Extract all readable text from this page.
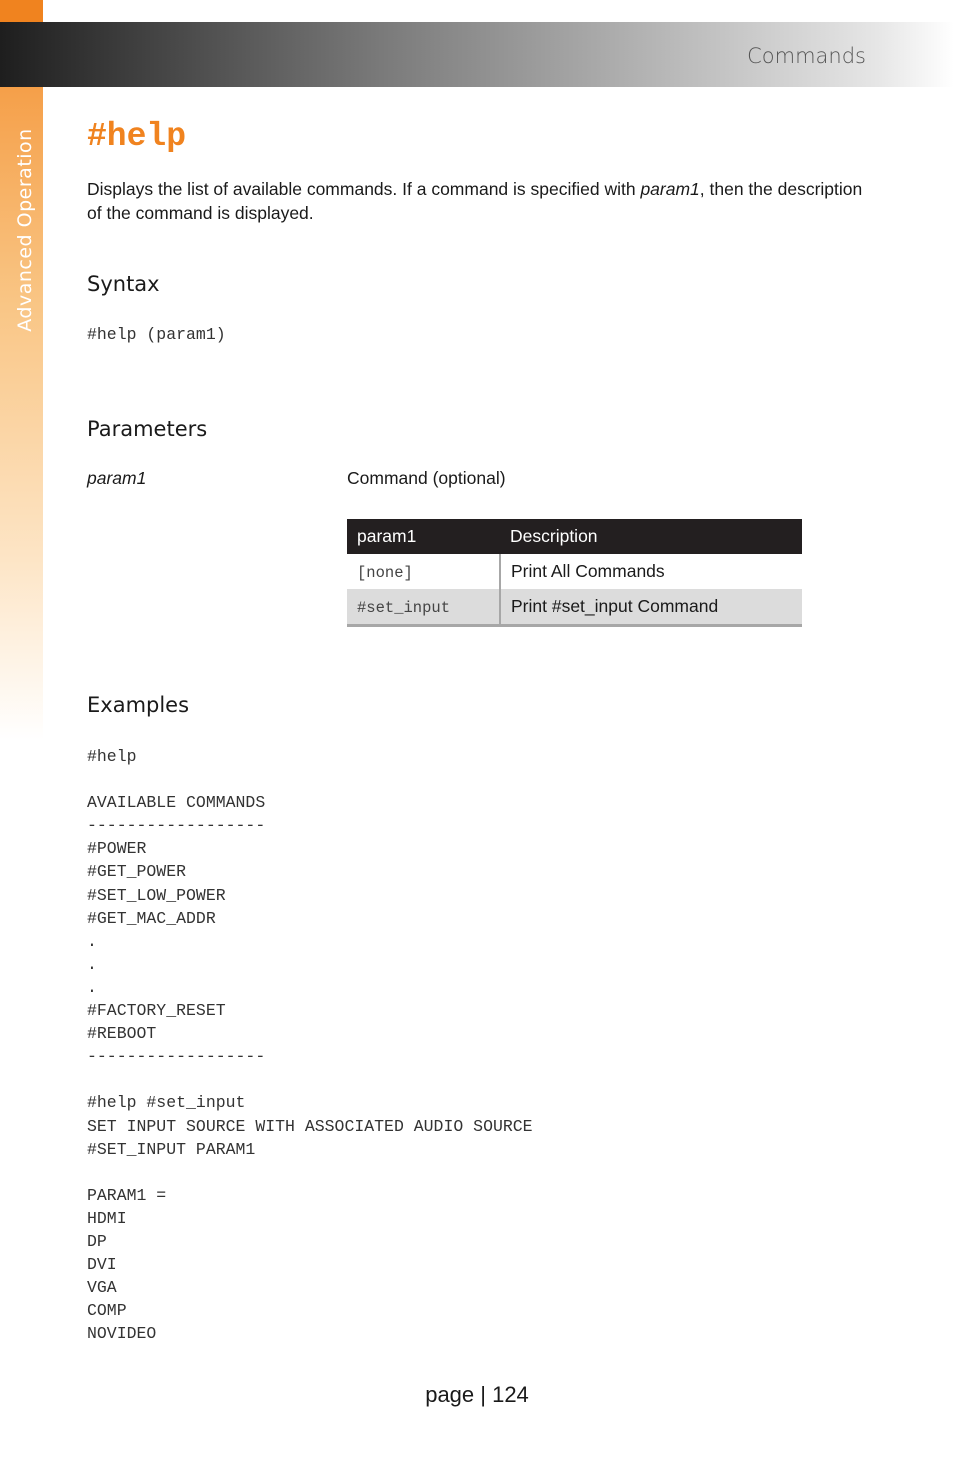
Advanced Operation
Commands
#help

Displays the list of available commands. If a command is specified with param1, then the description of the command is displayed.

Syntax
#help (param1)
Parameters
param1	Command (optional)
param1	Description
[none]	Print All Commands
#set_input	Print #set_input Command
Examples
#help
AVAILABLE COMMANDS
------------------
#POWER
#GET_POWER
#SET_LOW_POWER
#GET_MAC_ADDR
.
.
.
#FACTORY_RESET
#REBOOT
------------------
#help #set_input
SET INPUT SOURCE WITH ASSOCIATED AUDIO SOURCE
#SET_INPUT PARAM1
PARAM1 =
HDMI
DP
DVI
VGA
COMP
NOVIDEO
page | 124
